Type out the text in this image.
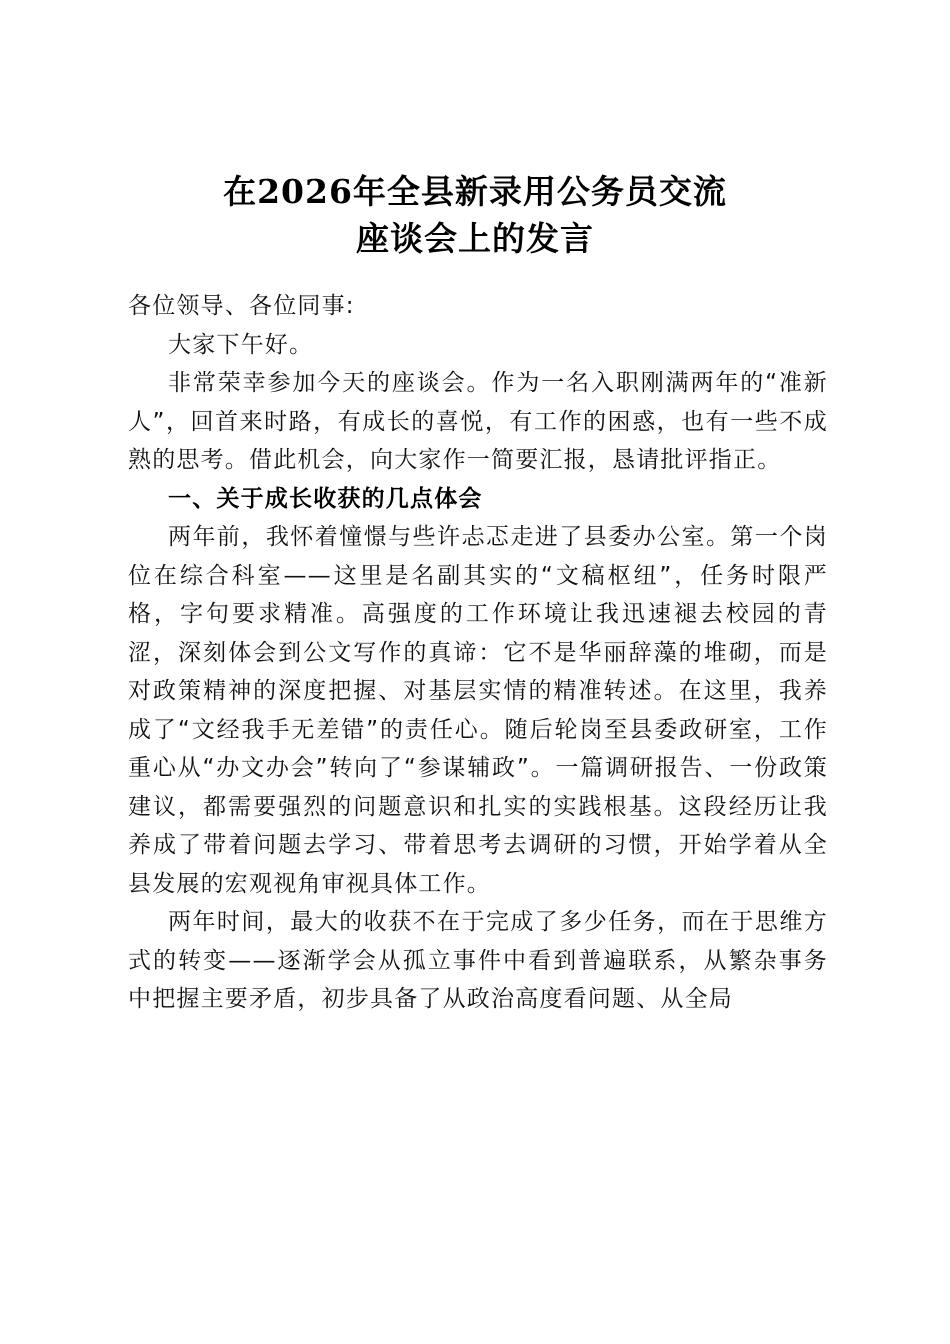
在2026年全县新录用公务员交流
座谈会上的发言

各位领导、各位同事:

大家下午好。

非常荣幸参加今天的座谈会。作为一名入职刚满两年的“准新人”，回首来时路，有成长的喜悦，有工作的困惑，也有一些不成熟的思考。借此机会，向大家作一简要汇报，恳请批评指正。

一、关于成长收获的几点体会

两年前，我怀着憧憬与些许忐忑走进了县委办公室。第一个岗位在综合科室——这里是名副其实的“文稿枢纽”，任务时限严格，字句要求精准。高强度的工作环境让我迅速褪去校园的青涩，深刻体会到公文写作的真谛：它不是华丽辞藻的堆砌，而是对政策精神的深度把握、对基层实情的精准转述。在这里，我养成了“文经我手无差错”的责任心。随后轮岗至县委政研室，工作重心从“办文办会”转向了“参谋辅政”。一篇调研报告、一份政策建议，都需要强烈的问题意识和扎实的实践根基。这段经历让我养成了带着问题去学习、带着思考去调研的习惯，开始学着从全县发展的宏观视角审视具体工作。

两年时间，最大的收获不在于完成了多少任务，而在于思维方式的转变——逐渐学会从孤立事件中看到普遍联系，从繁杂事务中把握主要矛盾，初步具备了从政治高度看问题、从全局
